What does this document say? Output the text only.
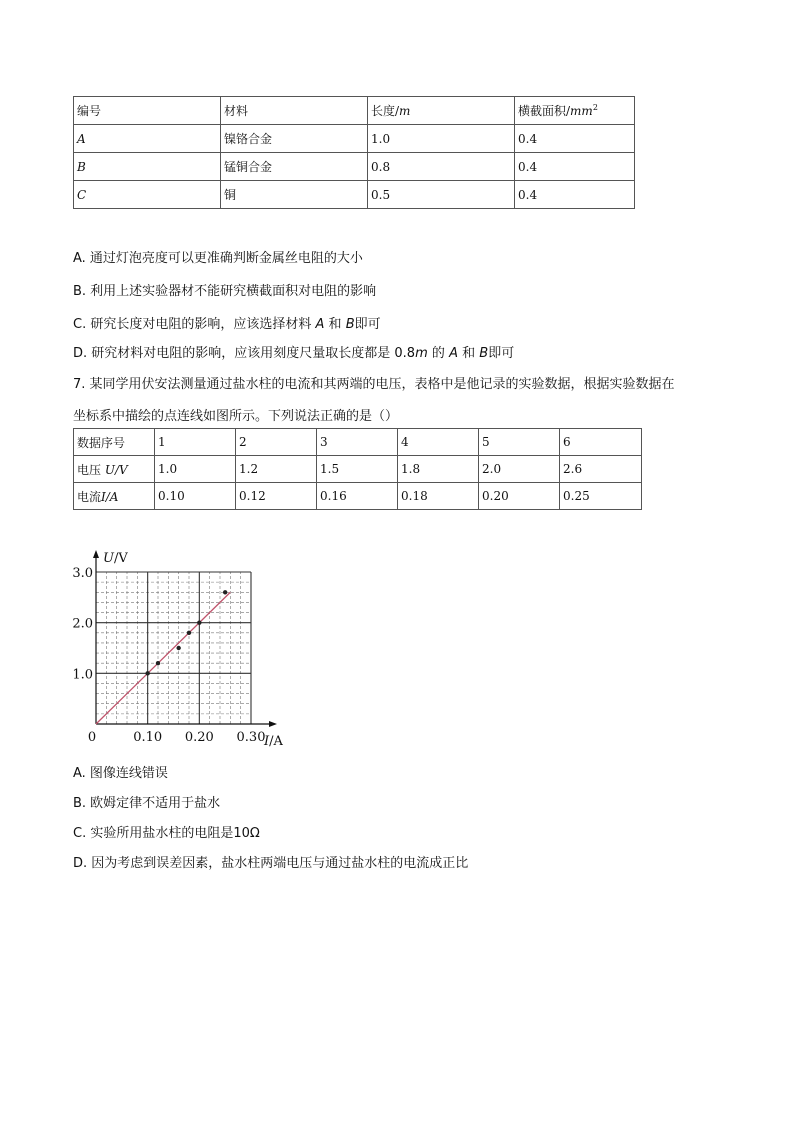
编号	材料	长度/m	横截面积$/mm^2$
A	镍铬合金	1.0	0.4
B	锰铜合金	0.8	0.4
C	铜	0.5	0.4
A. 通过灯泡亮度可以更准确判断金属丝电阻的大小
B. 利用上述实验器材不能研究横截面积对电阻的影响
C. 研究长度对电阻的影响，应该选择材料 A 和 B即可
D. 研究材料对电阻的影响，应该用刻度尺量取长度都是 0.8m 的 A 和 B即可
7. 某同学用伏安法测量通过盐水柱的电流和其两端的电压，表格中是他记录的实验数据，根据实验数据在
坐标系中描绘的点连线如图所示。下列说法正确的是（）
数据序号	1	2	3	4	5	6
电压 U/V	1.0	1.2	1.5	1.8	2.0	2.6
电流I/A	0.10	0.12	0.16	0.18	0.20	0.25
0	0.10 0.20 0.30
1.0
2.0
3.0
I/A
U/V
A. 图像连线错误
B. 欧姆定律不适用于盐水
C. 实验所用盐水柱的电阻是10Ω
D. 因为考虑到误差因素，盐水柱两端电压与通过盐水柱的电流成正比
